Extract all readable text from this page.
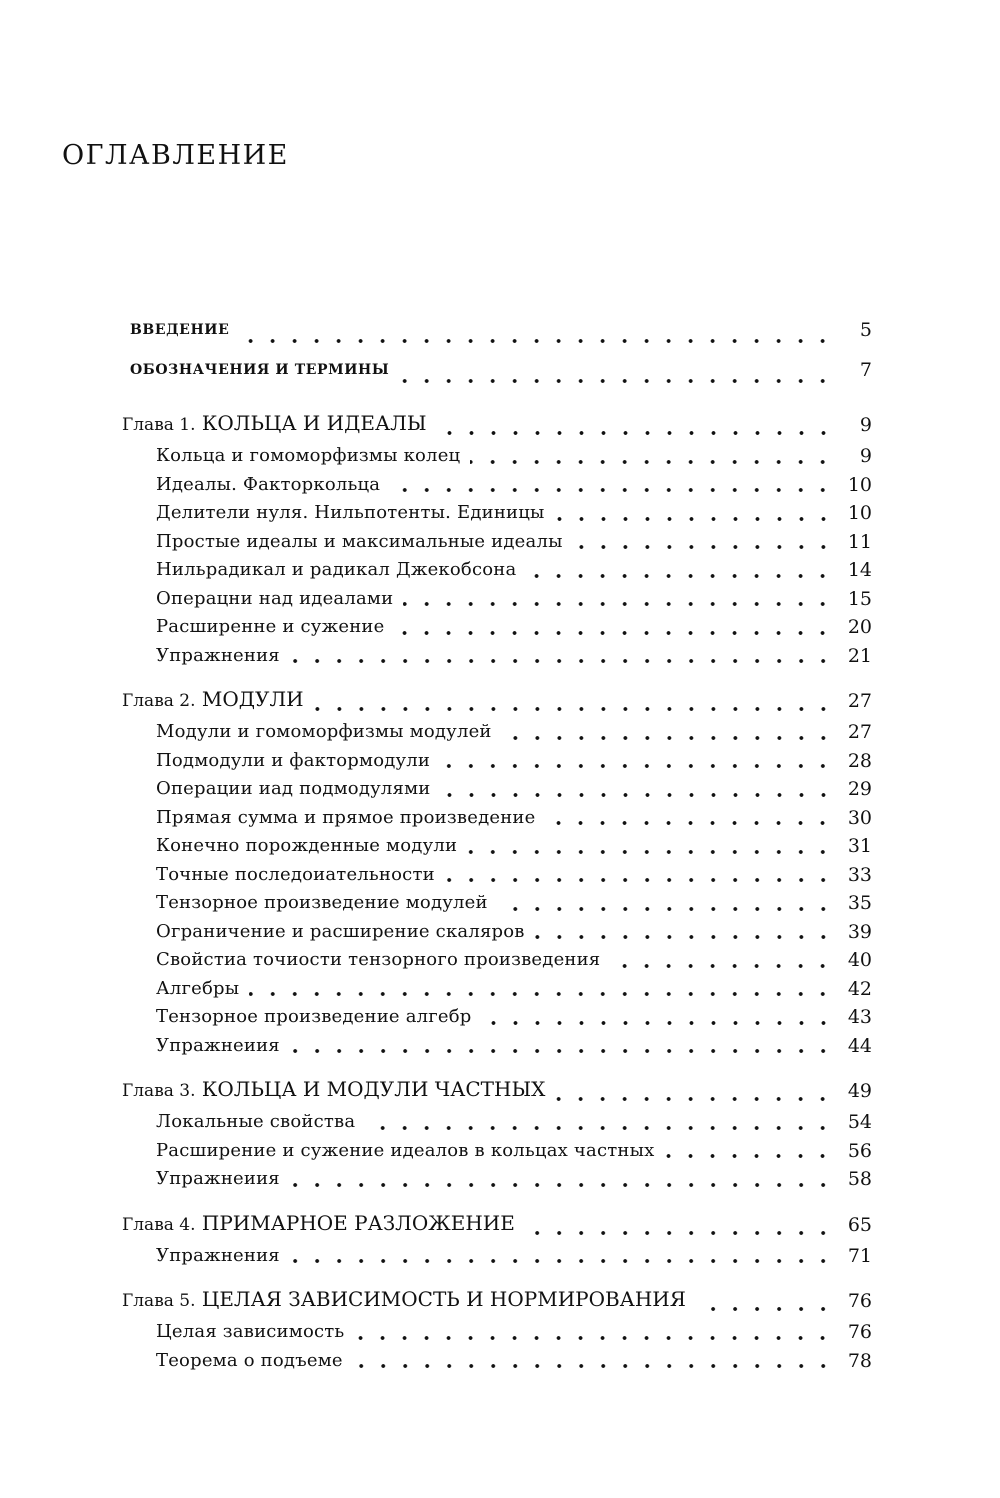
ОГЛАВЛЕНИЕ
ВВЕДЕНИЕ	5
ОБОЗНАЧЕНИЯ И ТЕРМИНЫ	7
Глава 1. КОЛЬЦА И ИДЕАЛЫ	9
Кольца и гомоморфизмы колец	9
Идеалы. Факторкольца	10
Делители нуля. Нильпотенты. Единицы	10
Простые идеалы и максимальные идеалы	11
Нильрадикал и радикал Джекобсона	14
Операцни над идеалами	15
Расширенне и сужение	20
Упражнения	21
Глава 2. МОДУЛИ	27
Модули и гомоморфизмы модулей	27
Подмодули и фактормодули	28
Операции иад подмодулями	29
Прямая сумма и прямое произведение	30
Конечно порожденные модули	31
Точные последоиательности	33
Тензорное произведение модулей	35
Ограничение и расширение скаляров	39
Свойстиа точиости тензорного произведения	40
Алгебры	42
Тензорное прoизведение алгебр	43
Упражнеиия	44
Глава 3. КОЛЬЦА И МОДУЛИ ЧАСТНЫХ	49
Локальные свойства	54
Расширение и сужение идеалов в кольцах частных	56
Упражнеиия	58
Глава 4. ПРИМАРНОЕ РАЗЛОЖЕНИЕ	65
Упражнения	71
Глава 5. ЦЕЛАЯ ЗАВИСИМОСТЬ И НОРМИРОВАНИЯ	76
Целая зависимость	76
Теорема о подъеме	78
